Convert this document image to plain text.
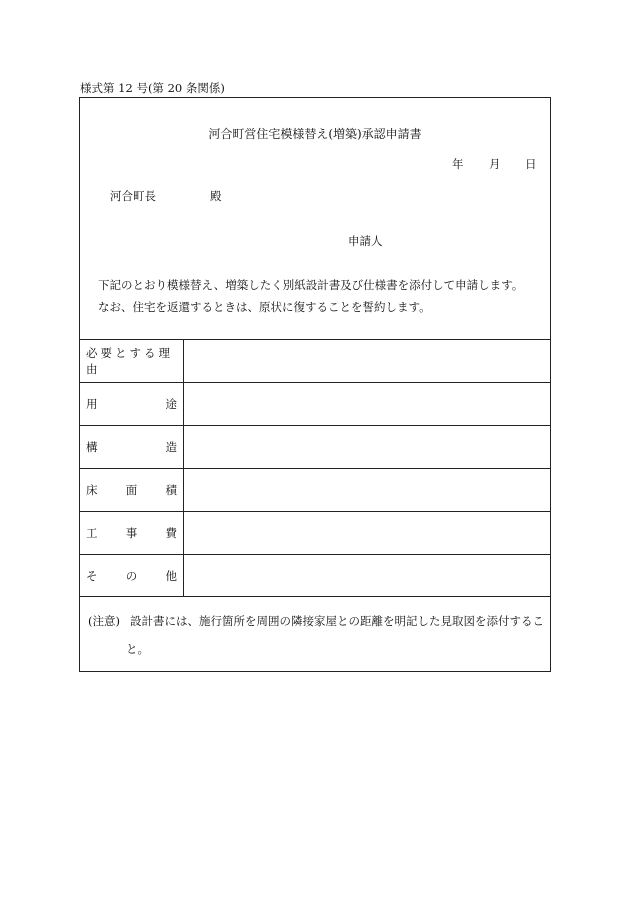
様式第 12 号(第 20 条関係)
河合町営住宅模様替え(増築)承認申請書
年 月 日
河合町長	殿
申請人
下記のとおり模様替え、増築したく別紙設計書及び仕様書を添付して申請します。
なお、住宅を返還するときは、原状に復することを誓約します。
必要とする理由
用	途
構	造
床 面 積
工 事 費
そ の 他
(注意) 設計書には、施行箇所を周囲の隣接家屋との距離を明記した見取図を添付するこ
と。
